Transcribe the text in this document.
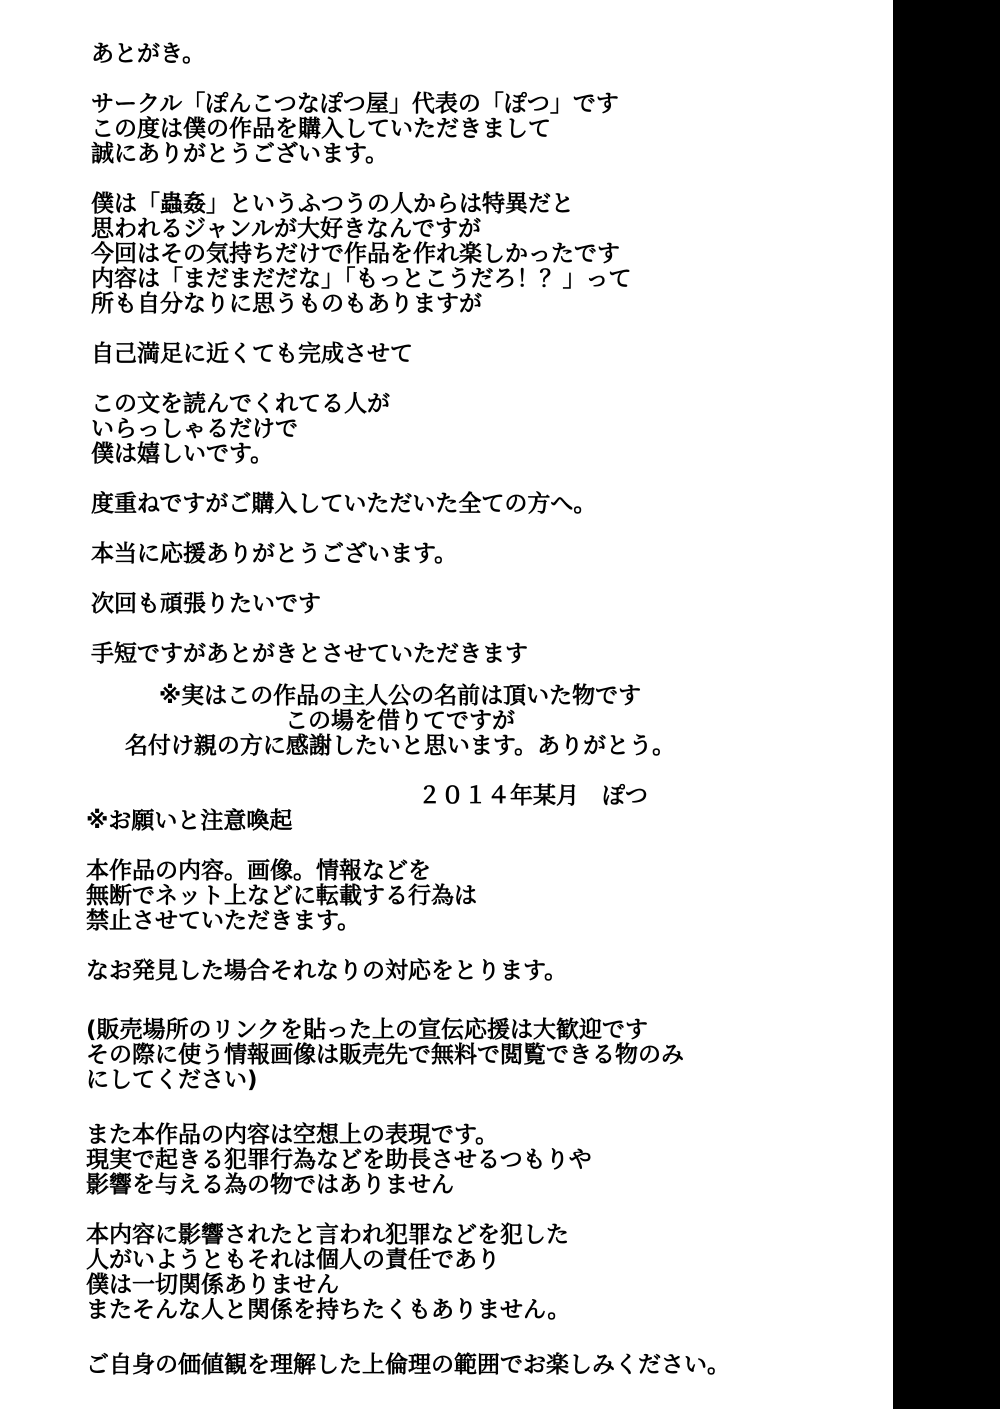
あとがき。
サークル「ぽんこつなぽつ屋」代表の「ぽつ」です
この度は僕の作品を購入していただきまして
誠にありがとうございます。
僕は「蟲姦」というふつうの人からは特異だと
思われるジャンルが大好きなんですが
今回はその気持ちだけで作品を作れ楽しかったです
内容は「まだまだだな」「もっとこうだろ！？」って
所も自分なりに思うものもありますが
自己満足に近くても完成させて
この文を読んでくれてる人が
いらっしゃるだけで
僕は嬉しいです。
度重ねですがご購入していただいた全ての方へ。
本当に応援ありがとうございます。
次回も頑張りたいです
手短ですがあとがきとさせていただきます
※実はこの作品の主人公の名前は頂いた物です
この場を借りてですが
名付け親の方に感謝したいと思います。ありがとう。
２０１４年某月　ぽつ
※お願いと注意喚起
本作品の内容。画像。情報などを
無断でネット上などに転載する行為は
禁止させていただきます。
なお発見した場合それなりの対応をとります。
(販売場所のリンクを貼った上の宣伝応援は大歓迎です
その際に使う情報画像は販売先で無料で閲覧できる物のみ
にしてください)
また本作品の内容は空想上の表現です。
現実で起きる犯罪行為などを助長させるつもりや
影響を与える為の物ではありません
本内容に影響されたと言われ犯罪などを犯した
人がいようともそれは個人の責任であり
僕は一切関係ありません
またそんな人と関係を持ちたくもありません。
ご自身の価値観を理解した上倫理の範囲でお楽しみください。
